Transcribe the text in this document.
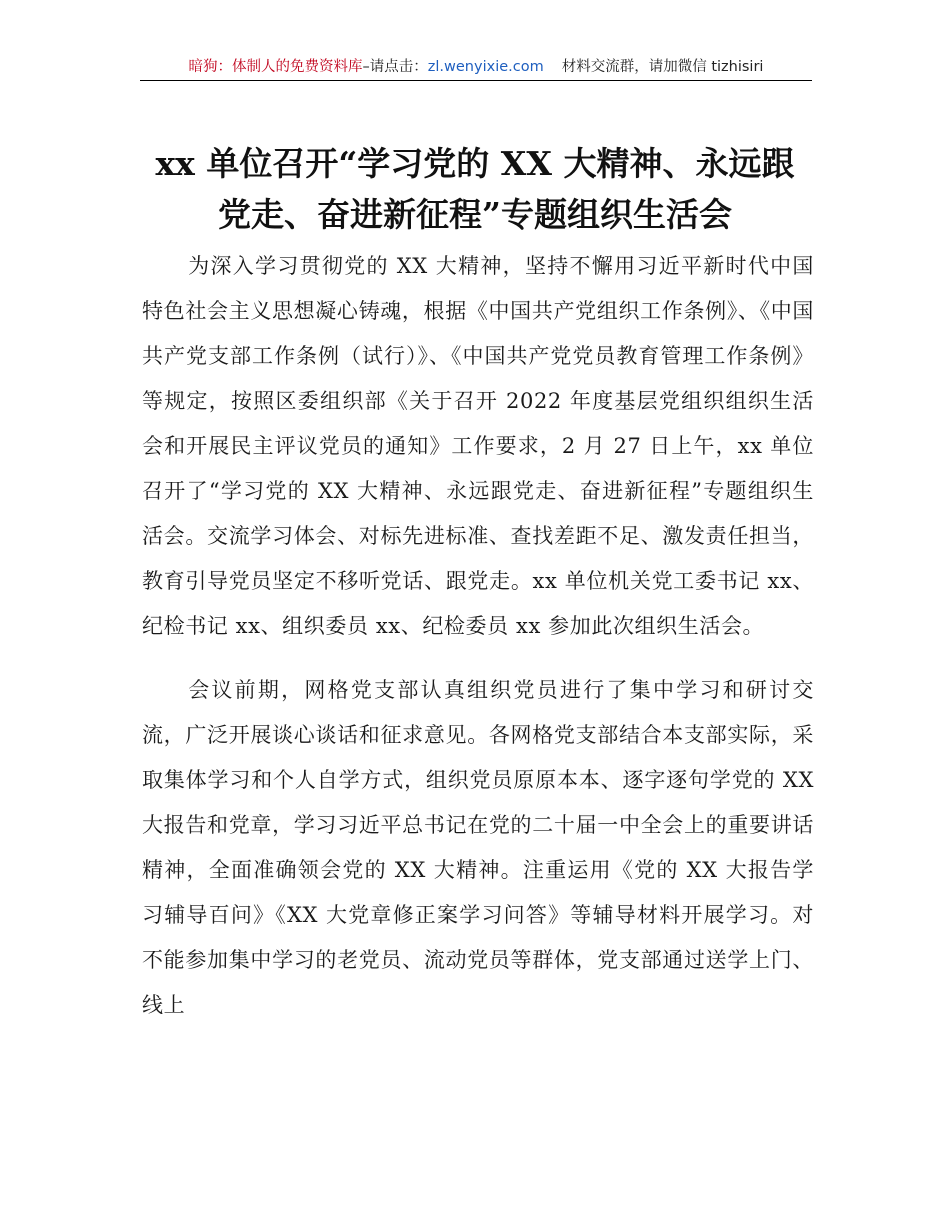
暗狗：体制人的免费资料库–请点击：zl.wenyixie.com 材料交流群，请加微信 tizhisiri
xx 单位召开“学习党的 XX 大精神、永远跟
党走、奋进新征程”专题组织生活会

为深入学习贯彻党的 XX 大精神，坚持不懈用习近平新时代中国特色社会主义思想凝心铸魂，根据《中国共产党组织工作条例》、《中国共产党支部工作条例（试行）》、《中国共产党党员教育管理工作条例》等规定，按照区委组织部《关于召开 2022 年度基层党组织组织生活会和开展民主评议党员的通知》工作要求，2 月 27 日上午，xx 单位召开了“学习党的 XX 大精神、永远跟党走、奋进新征程”专题组织生活会。交流学习体会、对标先进标准、查找差距不足、激发责任担当，教育引导党员坚定不移听党话、跟党走。xx 单位机关党工委书记 xx、纪检书记 xx、组织委员 xx、纪检委员 xx 参加此次组织生活会。

会议前期，网格党支部认真组织党员进行了集中学习和研讨交流，广泛开展谈心谈话和征求意见。各网格党支部结合本支部实际，采取集体学习和个人自学方式，组织党员原原本本、逐字逐句学党的 XX 大报告和党章，学习习近平总书记在党的二十届一中全会上的重要讲话精神，全面准确领会党的 XX 大精神。注重运用《党的 XX 大报告学习辅导百问》《XX 大党章修正案学习问答》等辅导材料开展学习。对不能参加集中学习的老党员、流动党员等群体，党支部通过送学上门、线上
